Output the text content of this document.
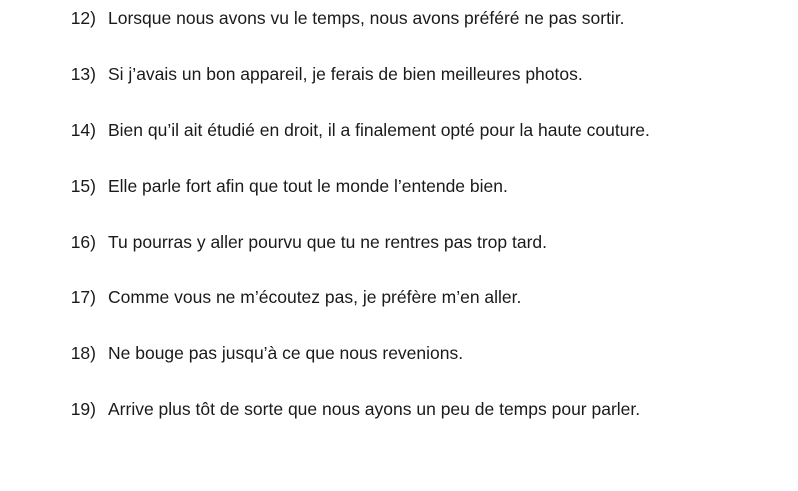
12) Lorsque nous avons vu le temps, nous avons préféré ne pas sortir.
13) Si j’avais un bon appareil, je ferais de bien meilleures photos.
14) Bien qu’il ait étudié en droit, il a finalement opté pour la haute couture.
15) Elle parle fort afin que tout le monde l’entende bien.
16) Tu pourras y aller pourvu que tu ne rentres pas trop tard.
17) Comme vous ne m’écoutez pas, je préfère m’en aller.
18) Ne bouge pas jusqu’à ce que nous revenions.
19) Arrive plus tôt de sorte que nous ayons un peu de temps pour parler.
